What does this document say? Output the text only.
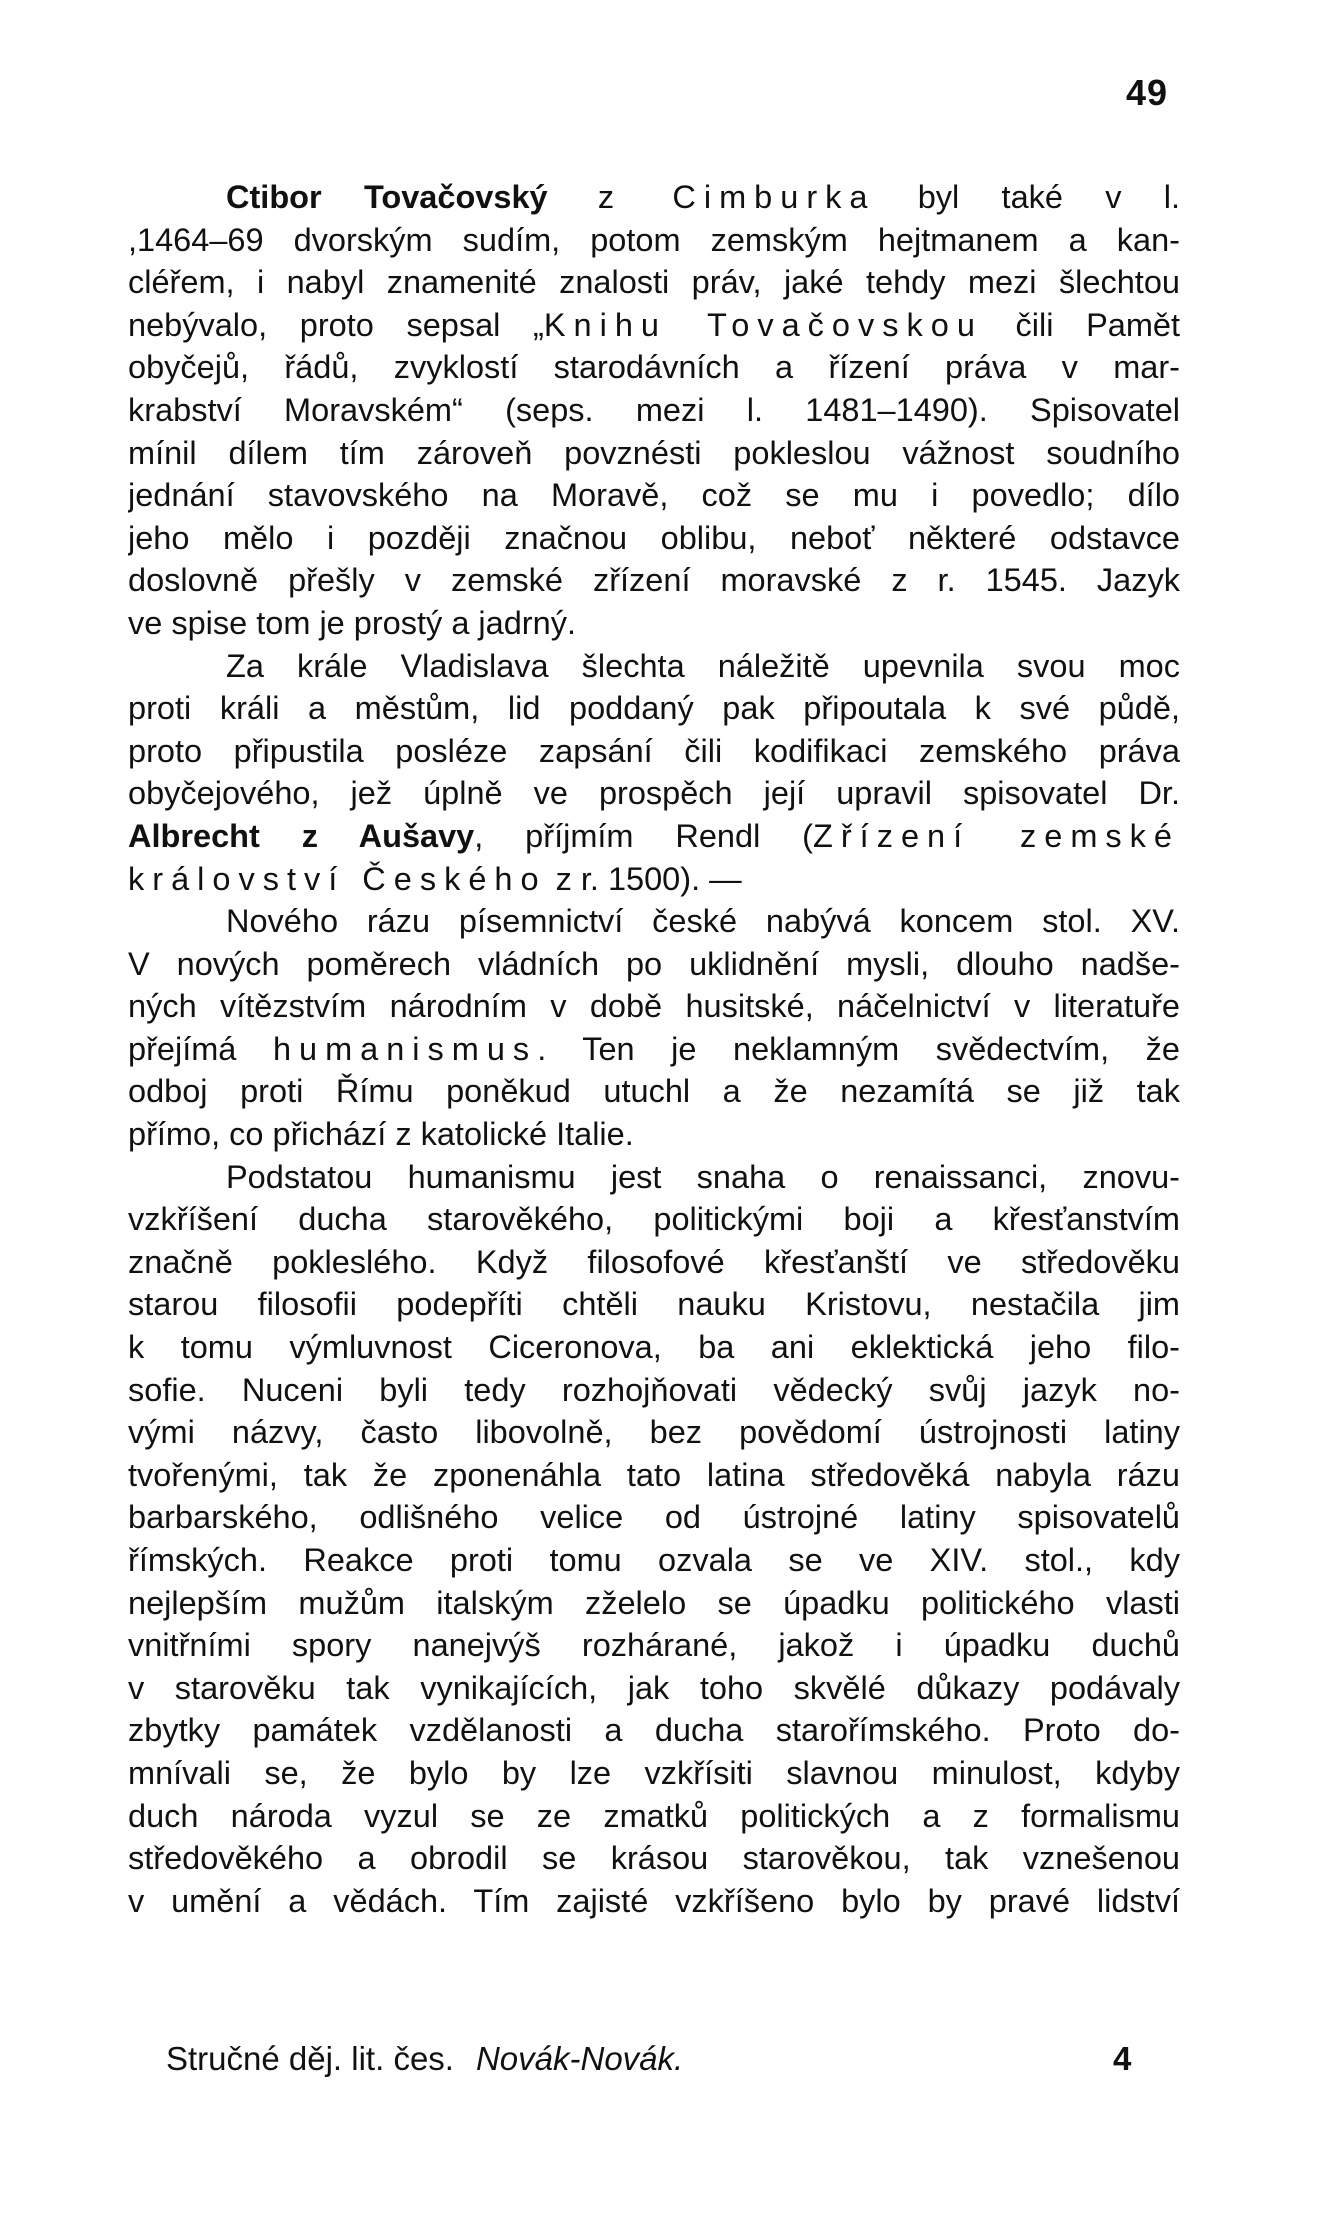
49
Ctibor Tovačovský z Cimburka byl také v l.
,1464–69 dvorským sudím, potom zemským hejtmanem a kan-
cléřem, i nabyl znamenité znalosti práv, jaké tehdy mezi šlechtou
nebývalo, proto sepsal „Knihu Tovačovskou čili Pamět
obyčejů, řádů, zvyklostí starodávních a řízení práva v mar-
krabství Moravském“ (seps. mezi l. 1481–1490). Spisovatel
mínil dílem tím zároveň povznésti pokleslou vážnost soudního
jednání stavovského na Moravě, což se mu i povedlo; dílo
jeho mělo i později značnou oblibu, neboť některé odstavce
doslovně přešly v zemské zřízení moravské z r. 1545. Jazyk
ve spise tom je prostý a jadrný.
Za krále Vladislava šlechta náležitě upevnila svou moc
proti králi a městům, lid poddaný pak připoutala k své půdě,
proto připustila posléze zapsání čili kodifikaci zemského práva
obyčejového, jež úplně ve prospěch její upravil spisovatel Dr.
Albrecht z Aušavy, příjmím Rendl (Zřízení zemské
království Českého z r. 1500). —
Nového rázu písemnictví české nabývá koncem stol. XV.
V nových poměrech vládních po uklidnění mysli, dlouho nadše-
ných vítězstvím národním v době husitské, náčelnictví v literatuře
přejímá humanismus. Ten je neklamným svědectvím, že
odboj proti Římu poněkud utuchl a že nezamítá se již tak
přímo, co přichází z katolické Italie.
Podstatou humanismu jest snaha o renaissanci, znovu-
vzkříšení ducha starověkého, politickými boji a křesťanstvím
značně pokleslého. Když filosofové křesťanští ve středověku
starou filosofii podepříti chtěli nauku Kristovu, nestačila jim
k tomu výmluvnost Ciceronova, ba ani eklektická jeho filo-
sofie. Nuceni byli tedy rozhojňovati vědecký svůj jazyk no-
vými názvy, často libovolně, bez povědomí ústrojnosti latiny
tvořenými, tak že zponenáhla tato latina středověká nabyla rázu
barbarského, odlišného velice od ústrojné latiny spisovatelů
římských. Reakce proti tomu ozvala se ve XIV. stol., kdy
nejlepším mužům italským zželelo se úpadku politického vlasti
vnitřními spory nanejvýš rozhárané, jakož i úpadku duchů
v starověku tak vynikajících, jak toho skvělé důkazy podávaly
zbytky památek vzdělanosti a ducha starořímského. Proto do-
mnívali se, že bylo by lze vzkřísiti slavnou minulost, kdyby
duch národa vyzul se ze zmatků politických a z formalismu
středověkého a obrodil se krásou starověkou, tak vznešenou
v umění a vědách. Tím zajisté vzkříšeno bylo by pravé lidství
Stručné děj. lit. čes. Novák-Novák.	4
